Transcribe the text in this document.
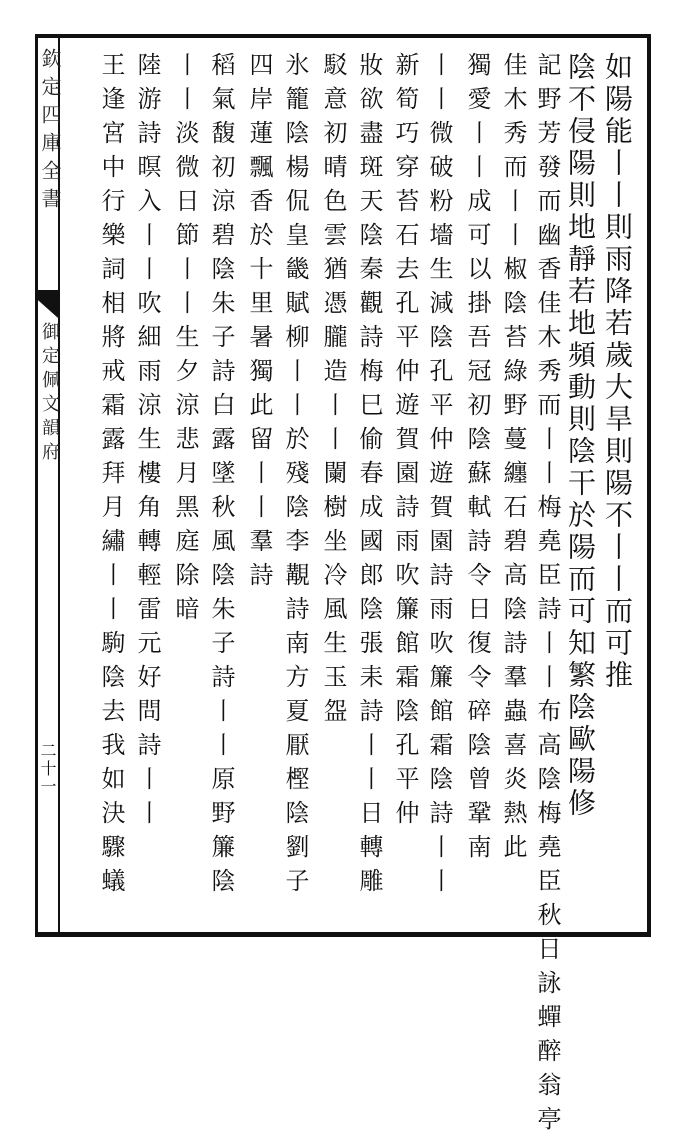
欽定四庫全書
御定佩文韻府
二十一
如陽能丨丨則雨降若歲大旱則陽不丨丨而可推
陰不侵陽則地靜若地頻動則陰干於陽而可知繁陰歐陽修
記野芳發而幽香佳木秀而丨丨梅堯臣詩丨丨布高陰梅堯臣秋日詠蟬醉翁亭
佳木秀而丨丨椒陰苔綠野蔓纏石碧高陰詩羣蟲喜炎熱此
獨愛丨丨成可以掛吾冠初陰蘇軾詩令日復令碎陰曾鞏南
丨丨微破粉墻生減陰孔平仲遊賀園詩雨吹簾館霜陰詩丨丨
新筍巧穿苔石去孔平仲遊賀園詩雨吹簾館霜陰孔平仲
妝欲盡斑天陰秦觀詩梅巳偷春成國郎陰張耒詩丨丨日轉雕
駁意初晴色雲猶憑朧造丨丨闌樹坐冷風生玉盌
氷籠陰楊侃皇畿賦柳丨丨於殘陰李覯詩南方夏厭樫陰劉子
四岸蓮飄香於十里暑獨此留丨丨羣詩
稻氣馥初涼碧陰朱子詩白露墜秋風陰朱子詩丨丨原野簾陰
丨丨淡微日節丨丨生夕涼悲月黑庭除暗
陸游詩暝入丨丨吹細雨涼生樓角轉輕雷元好問詩丨丨
王逢宮中行樂詞相將戒霜露拜月繡丨丨駒陰去我如決驟蟻
